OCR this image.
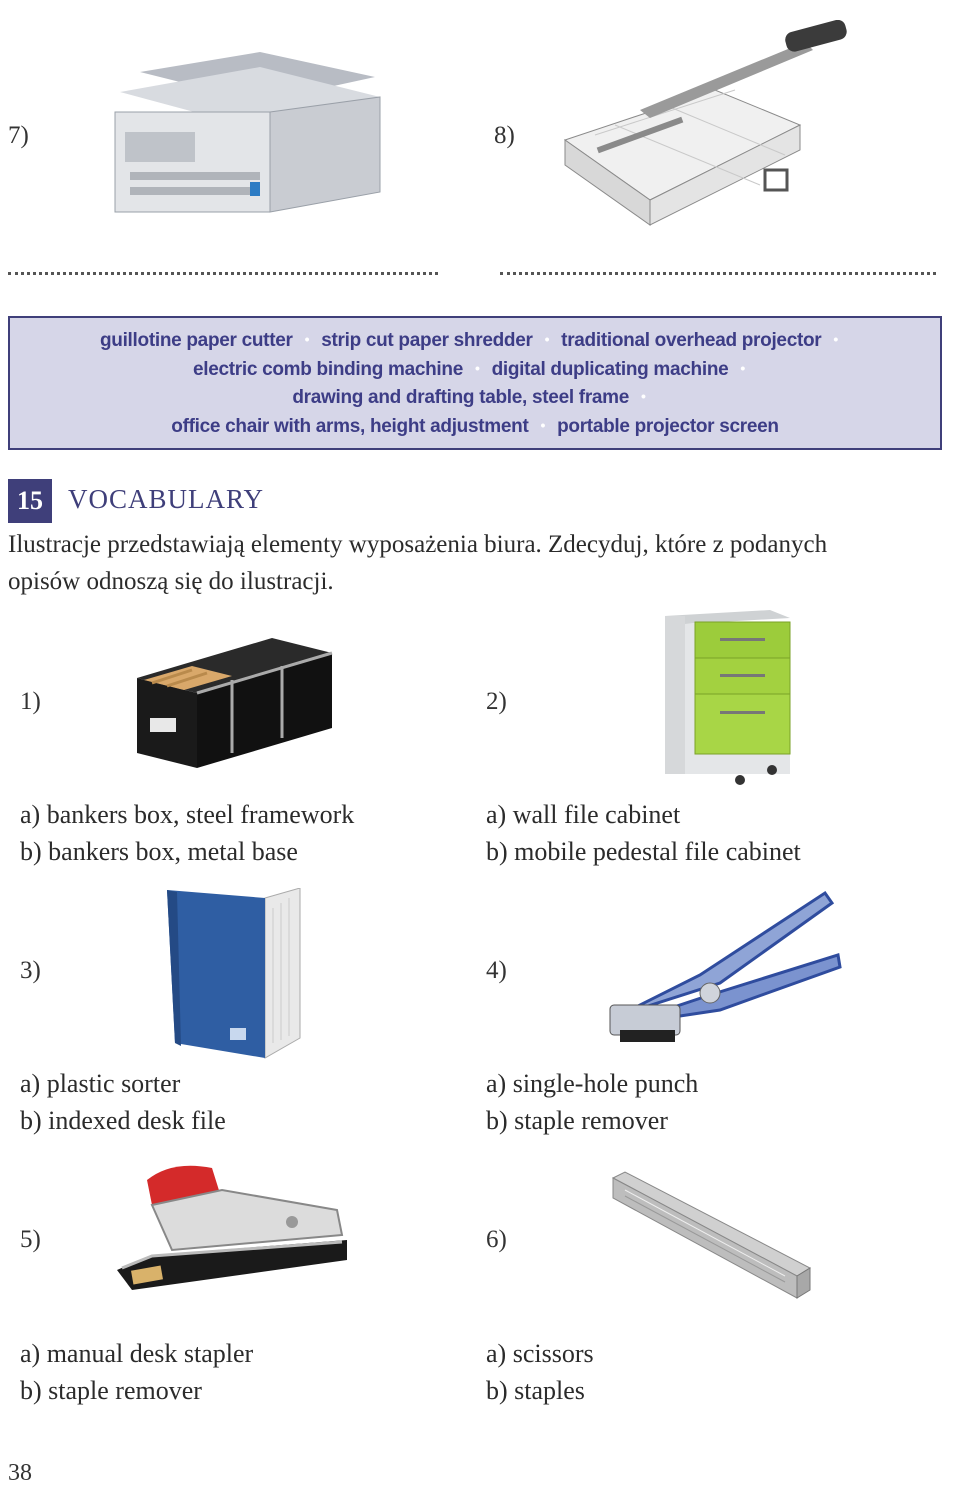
7)	8)
guillotine paper cutter • strip cut paper shredder • traditional overhead projector •
electric comb binding machine • digital duplicating machine •
drawing and drafting table, steel frame •
office chair with arms, height adjustment • portable projector screen
15 VOCABULARY
Ilustracje przedstawiają elementy wyposażenia biura. Zdecyduj, które z podanych
opisów odnoszą się do ilustracji.
1)
a) bankers box, steel framework
b) bankers box, metal base
2)
a) wall file cabinet
b) mobile pedestal file cabinet
3)
a) plastic sorter
b) indexed desk file
4)
a) single-hole punch
b) staple remover
5)
a) manual desk stapler
b) staple remover
6)
a) scissors
b) staples
38
